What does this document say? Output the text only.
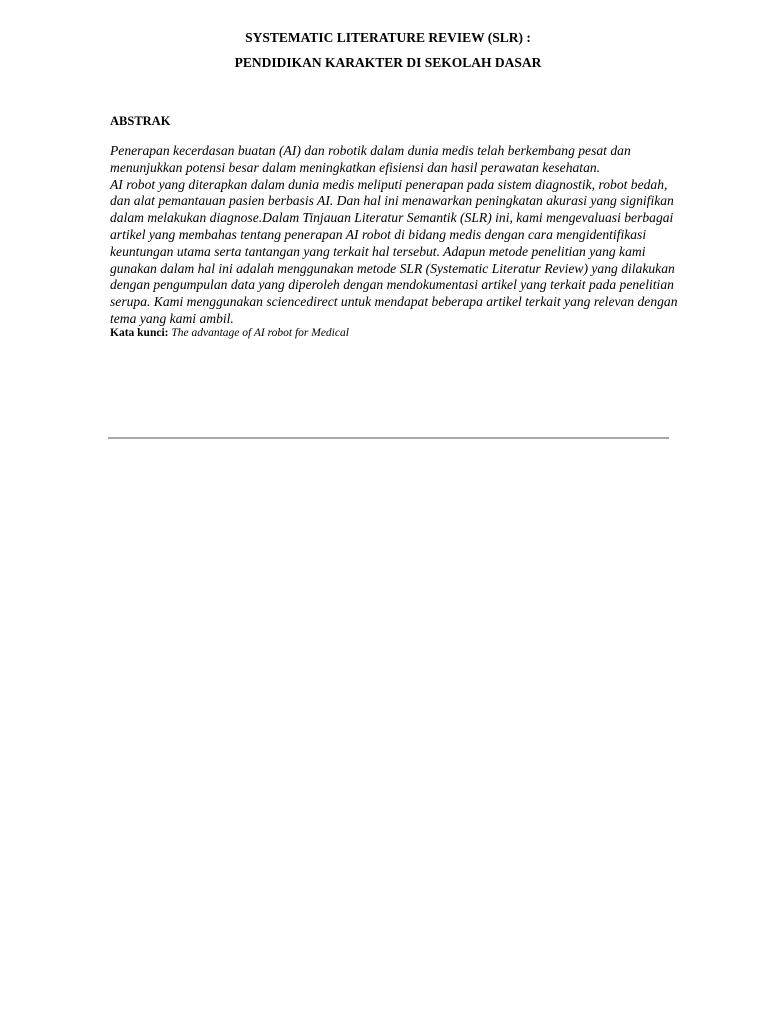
SYSTEMATIC LITERATURE REVIEW (SLR) :
PENDIDIKAN KARAKTER DI SEKOLAH DASAR
ABSTRAK
Penerapan kecerdasan buatan (AI) dan robotik dalam dunia medis telah berkembang pesat dan
menunjukkan potensi besar dalam meningkatkan efisiensi dan hasil perawatan kesehatan.
AI robot yang diterapkan dalam dunia medis meliputi penerapan pada sistem diagnostik, robot bedah,
dan alat pemantauan pasien berbasis AI. Dan hal ini menawarkan peningkatan akurasi yang signifikan
dalam melakukan diagnose.Dalam Tinjauan Literatur Semantik (SLR) ini, kami mengevaluasi berbagai
artikel yang membahas tentang penerapan AI robot di bidang medis dengan cara mengidentifikasi
keuntungan utama serta tantangan yang terkait hal tersebut. Adapun metode penelitian yang kami
gunakan dalam hal ini adalah menggunakan metode SLR (Systematic Literatur Review) yang dilakukan
dengan pengumpulan data yang diperoleh dengan mendokumentasi artikel yang terkait pada penelitian
serupa. Kami menggunakan sciencedirect untuk mendapat beberapa artikel terkait yang relevan dengan
tema yang kami ambil.
Kata kunci: The advantage of AI robot for Medical
